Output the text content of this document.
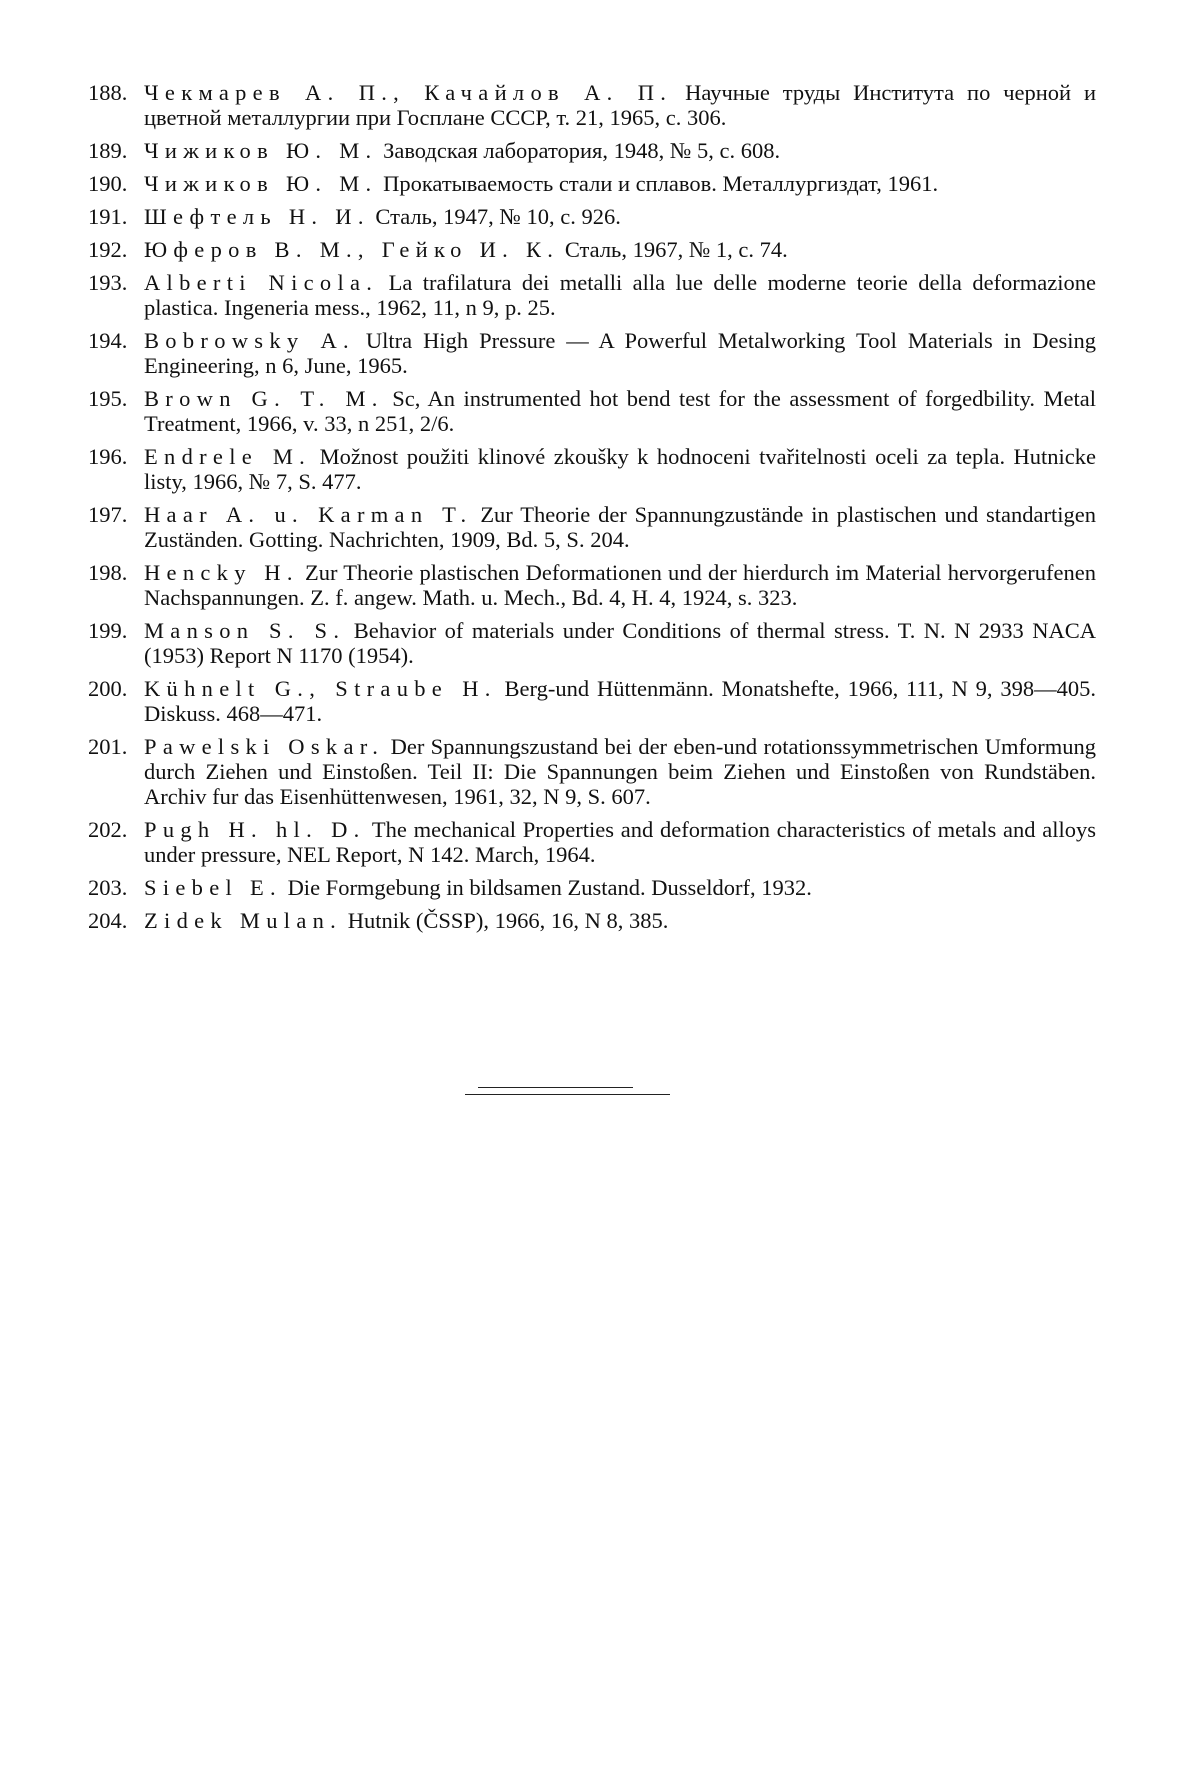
188. Чекмарев А. П., Качайлов А. П. Научные труды Института по черной и цветной металлургии при Госплане СССР, т. 21, 1965, с. 306.
189. Чижиков Ю. М. Заводская лаборатория, 1948, № 5, с. 608.
190. Чижиков Ю. М. Прокатываемость стали и сплавов. Металлургиздат, 1961.
191. Шефтель Н. И. Сталь, 1947, № 10, с. 926.
192. Юферов В. М., Гейко И. К. Сталь, 1967, № 1, с. 74.
193. Alberti Nicola. La trafilatura dei metalli alla lue delle moderne teorie della deformazione plastica. Ingeneria mess., 1962, 11, n 9, p. 25.
194. Bobrowsky A. Ultra High Pressure — A Powerful Metalworking Tool Materials in Desing Engineering, n 6, June, 1965.
195. Brown G. T. M. Sc, An instrumented hot bend test for the assessment of forgedbility. Metal Treatment, 1966, v. 33, n 251, 2/6.
196. Endrele M. Možnost použiti klinové zkoušky k hodnoceni tvařitelnosti oceli za tepla. Hutnicke listy, 1966, № 7, S. 477.
197. Haar A. u. Karman T. Zur Theorie der Spannungzustände in plastischen und standartigen Zuständen. Gotting. Nachrichten, 1909, Bd. 5, S. 204.
198. Hencky H. Zur Theorie plastischen Deformationen und der hierdurch im Material hervorgerufenen Nachspannungen. Z. f. angew. Math. u. Mech., Bd. 4, H. 4, 1924, s. 323.
199. Manson S. S. Behavior of materials under Conditions of thermal stress. T. N. N 2933 NACA (1953) Report N 1170 (1954).
200. Kühnelt G., Straube H. Berg-und Hüttenmänn. Monatshefte, 1966, 111, N 9, 398—405. Diskuss. 468—471.
201. Pawelski Oskar. Der Spannungszustand bei der eben-und rotationssymmetrischen Umformung durch Ziehen und Einstoßen. Teil II: Die Spannungen beim Ziehen und Einstoßen von Rundstäben. Archiv fur das Eisenhüttenwesen, 1961, 32, N 9, S. 607.
202. Pugh H. hl. D. The mechanical Properties and deformation characteristics of metals and alloys under pressure, NEL Report, N 142. March, 1964.
203. Siebel E. Die Formgebung in bildsamen Zustand. Dusseldorf, 1932.
204. Zidek Mulan. Hutnik (ČSSP), 1966, 16, N 8, 385.
